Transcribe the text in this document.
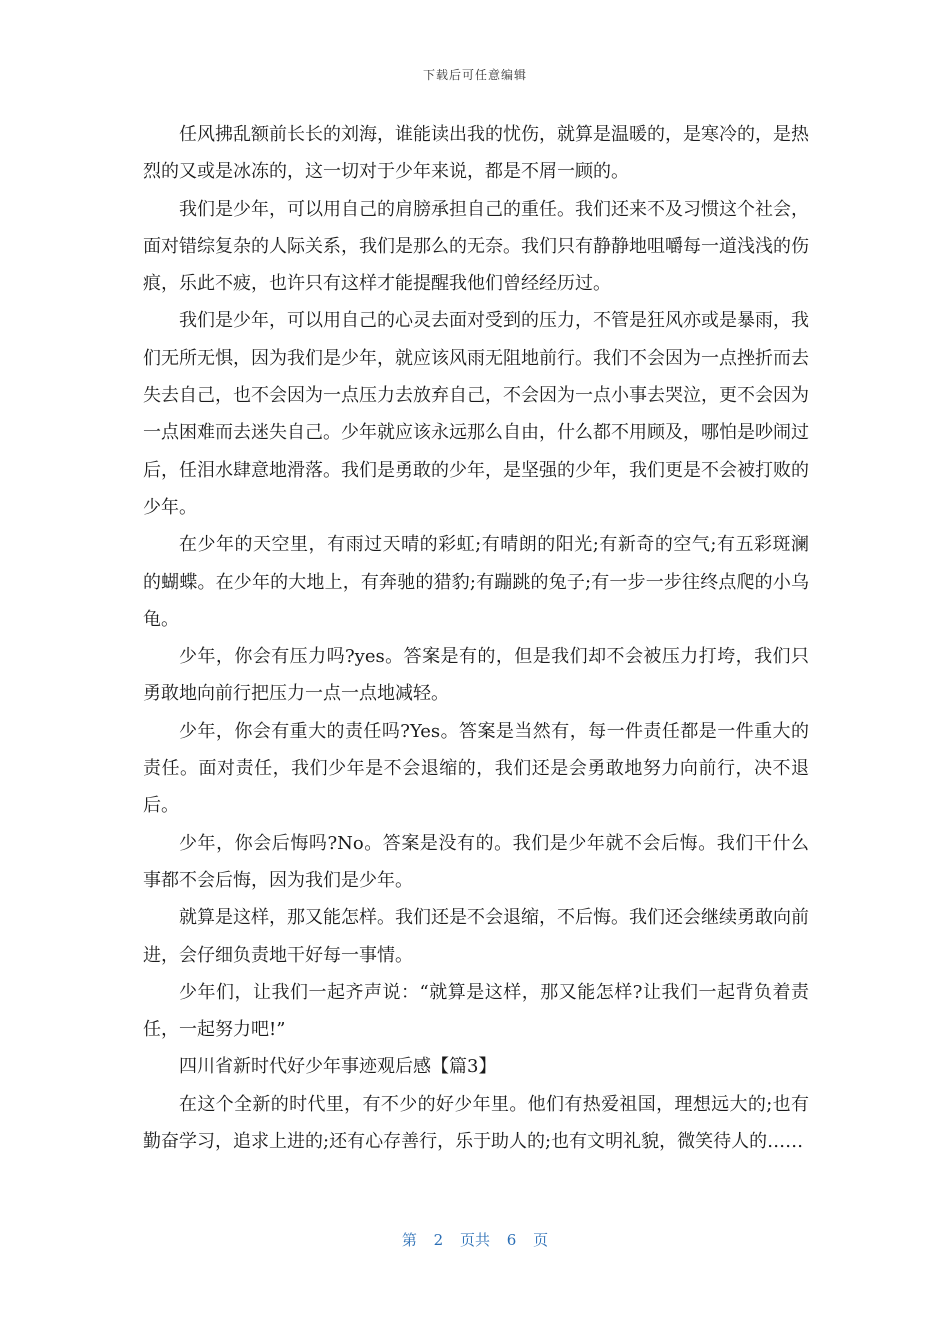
下载后可任意编辑

任风拂乱额前长长的刘海，谁能读出我的忧伤，就算是温暖的，是寒冷的，是热烈的又或是冰冻的，这一切对于少年来说，都是不屑一顾的。

我们是少年，可以用自己的肩膀承担自己的重任。我们还来不及习惯这个社会，面对错综复杂的人际关系，我们是那么的无奈。我们只有静静地咀嚼每一道浅浅的伤痕，乐此不疲，也许只有这样才能提醒我他们曾经经历过。

我们是少年，可以用自己的心灵去面对受到的压力，不管是狂风亦或是暴雨，我们无所无惧，因为我们是少年，就应该风雨无阻地前行。我们不会因为一点挫折而去失去自己，也不会因为一点压力去放弃自己，不会因为一点小事去哭泣，更不会因为一点困难而去迷失自己。少年就应该永远那么自由，什么都不用顾及，哪怕是吵闹过后，任泪水肆意地滑落。我们是勇敢的少年，是坚强的少年，我们更是不会被打败的少年。

在少年的天空里，有雨过天晴的彩虹;有晴朗的阳光;有新奇的空气;有五彩斑澜的蝴蝶。在少年的大地上，有奔驰的猎豹;有蹦跳的兔子;有一步一步往终点爬的小乌龟。

少年，你会有压力吗?yes。答案是有的，但是我们却不会被压力打垮，我们只勇敢地向前行把压力一点一点地减轻。

少年，你会有重大的责任吗?Yes。答案是当然有，每一件责任都是一件重大的责任。面对责任，我们少年是不会退缩的，我们还是会勇敢地努力向前行，决不退后。

少年，你会后悔吗?No。答案是没有的。我们是少年就不会后悔。我们干什么事都不会后悔，因为我们是少年。

就算是这样，那又能怎样。我们还是不会退缩，不后悔。我们还会继续勇敢向前进，会仔细负责地干好每一事情。

少年们，让我们一起齐声说：“就算是这样，那又能怎样?让我们一起背负着责任，一起努力吧!”

四川省新时代好少年事迹观后感【篇3】

在这个全新的时代里，有不少的好少年里。他们有热爱祖国，理想远大的;也有勤奋学习，追求上进的;还有心存善行，乐于助人的;也有文明礼貌，微笑待人的……

第 2 页共 6 页
